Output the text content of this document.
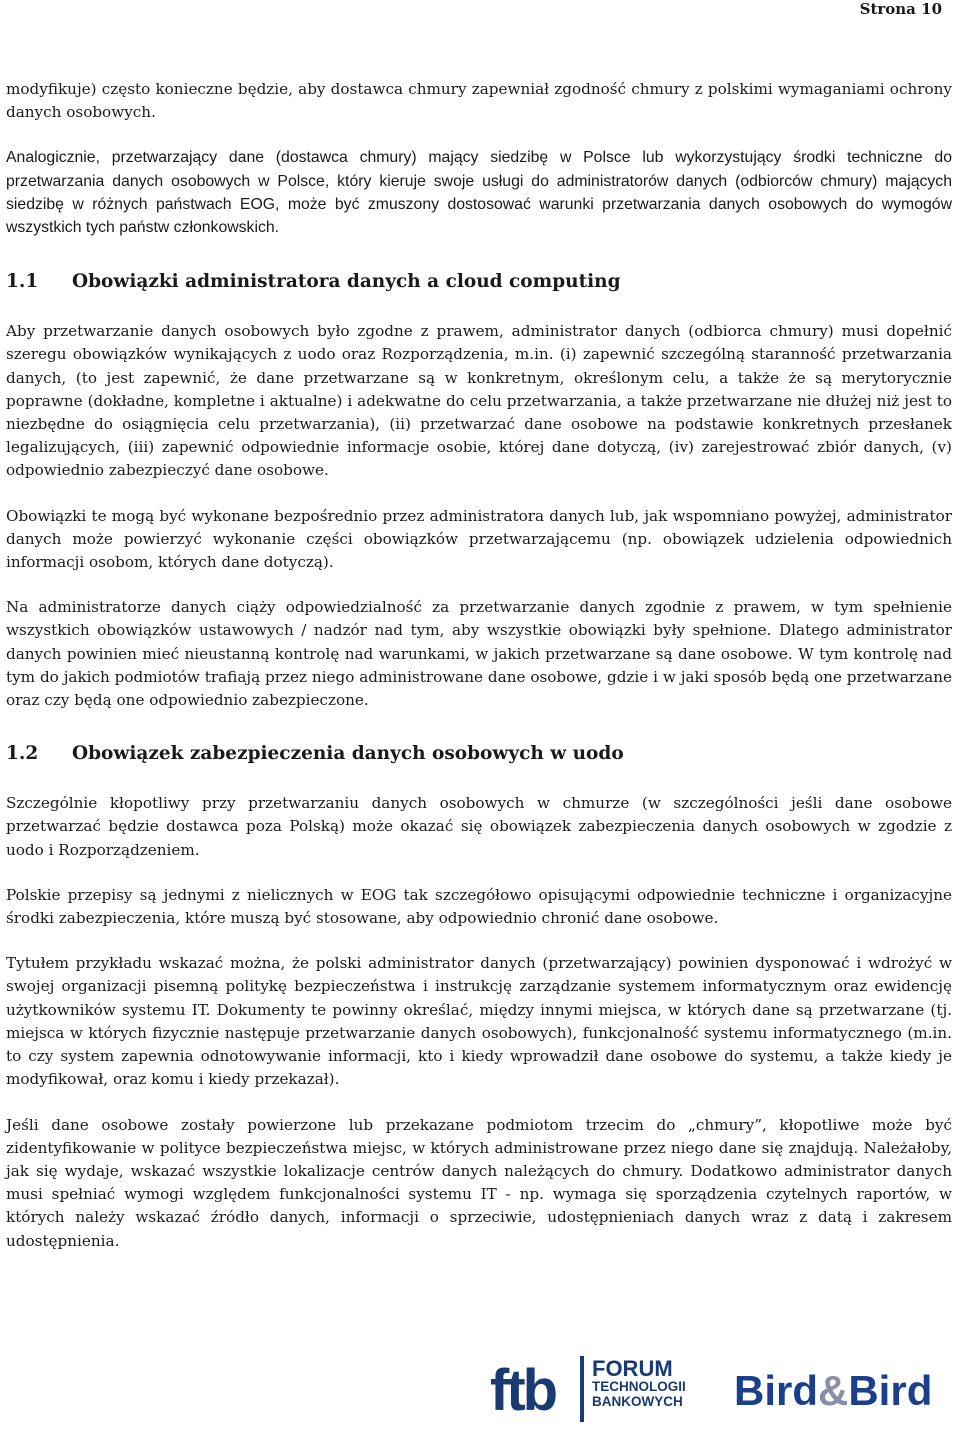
Strona 10

modyfikuje) często konieczne będzie, aby dostawca chmury zapewniał zgodność chmury z polskimi wymaganiami ochrony danych osobowych.

Analogicznie, przetwarzający dane (dostawca chmury) mający siedzibę w Polsce lub wykorzystujący środki techniczne do przetwarzania danych osobowych w Polsce, który kieruje swoje usługi do administratorów danych (odbiorców chmury) mających siedzibę w różnych państwach EOG, może być zmuszony dostosować warunki przetwarzania danych osobowych do wymogów wszystkich tych państw członkowskich.

1.1	Obowiązki administratora danych a cloud computing

Aby przetwarzanie danych osobowych było zgodne z prawem, administrator danych (odbiorca chmury) musi dopełnić szeregu obowiązków wynikających z uodo oraz Rozporządzenia, m.in. (i) zapewnić szczególną staranność przetwarzania danych, (to jest zapewnić, że dane przetwarzane są w konkretnym, określonym celu, a także że są merytorycznie poprawne (dokładne, kompletne i aktualne) i adekwatne do celu przetwarzania, a także przetwarzane nie dłużej niż jest to niezbędne do osiągnięcia celu przetwarzania), (ii) przetwarzać dane osobowe na podstawie konkretnych przesłanek legalizujących, (iii) zapewnić odpowiednie informacje osobie, której dane dotyczą, (iv) zarejestrować zbiór danych, (v) odpowiednio zabezpieczyć dane osobowe.

Obowiązki te mogą być wykonane bezpośrednio przez administratora danych lub, jak wspomniano powyżej, administrator danych może powierzyć wykonanie części obowiązków przetwarzającemu (np. obowiązek udzielenia odpowiednich informacji osobom, których dane dotyczą).

Na administratorze danych ciąży odpowiedzialność za przetwarzanie danych zgodnie z prawem, w tym spełnienie wszystkich obowiązków ustawowych / nadzór nad tym, aby wszystkie obowiązki były spełnione. Dlatego administrator danych powinien mieć nieustanną kontrolę nad warunkami, w jakich przetwarzane są dane osobowe. W tym kontrolę nad tym do jakich podmiotów trafiają przez niego administrowane dane osobowe, gdzie i w jaki sposób będą one przetwarzane oraz czy będą one odpowiednio zabezpieczone.

1.2	Obowiązek zabezpieczenia danych osobowych w uodo

Szczególnie kłopotliwy przy przetwarzaniu danych osobowych w chmurze (w szczególności jeśli dane osobowe przetwarzać będzie dostawca poza Polską) może okazać się obowiązek zabezpieczenia danych osobowych w zgodzie z uodo i Rozporządzeniem.

Polskie przepisy są jednymi z nielicznych w EOG tak szczegółowo opisującymi odpowiednie techniczne i organizacyjne środki zabezpieczenia, które muszą być stosowane, aby odpowiednio chronić dane osobowe.

Tytułem przykładu wskazać można, że polski administrator danych (przetwarzający) powinien dysponować i wdrożyć w swojej organizacji pisemną politykę bezpieczeństwa i instrukcję zarządzanie systemem informatycznym oraz ewidencję użytkowników systemu IT. Dokumenty te powinny określać, między innymi miejsca, w których dane są przetwarzane (tj. miejsca w których fizycznie następuje przetwarzanie danych osobowych), funkcjonalność systemu informatycznego (m.in. to czy system zapewnia odnotowywanie informacji, kto i kiedy wprowadził dane osobowe do systemu, a także kiedy je modyfikował, oraz komu i kiedy przekazał).

Jeśli dane osobowe zostały powierzone lub przekazane podmiotom trzecim do „chmury”, kłopotliwe może być zidentyfikowanie w polityce bezpieczeństwa miejsc, w których administrowane przez niego dane się znajdują. Należałoby, jak się wydaje, wskazać wszystkie lokalizacje centrów danych należących do chmury. Dodatkowo administrator danych musi spełniać wymogi względem funkcjonalności systemu IT - np. wymaga się sporządzenia czytelnych raportów, w których należy wskazać źródło danych, informacji o sprzeciwie, udostępnieniach danych wraz z datą i zakresem udostępnienia.

ftb FORUM
TECHNOLOGII
BANKOWYCH Bird&Bird
